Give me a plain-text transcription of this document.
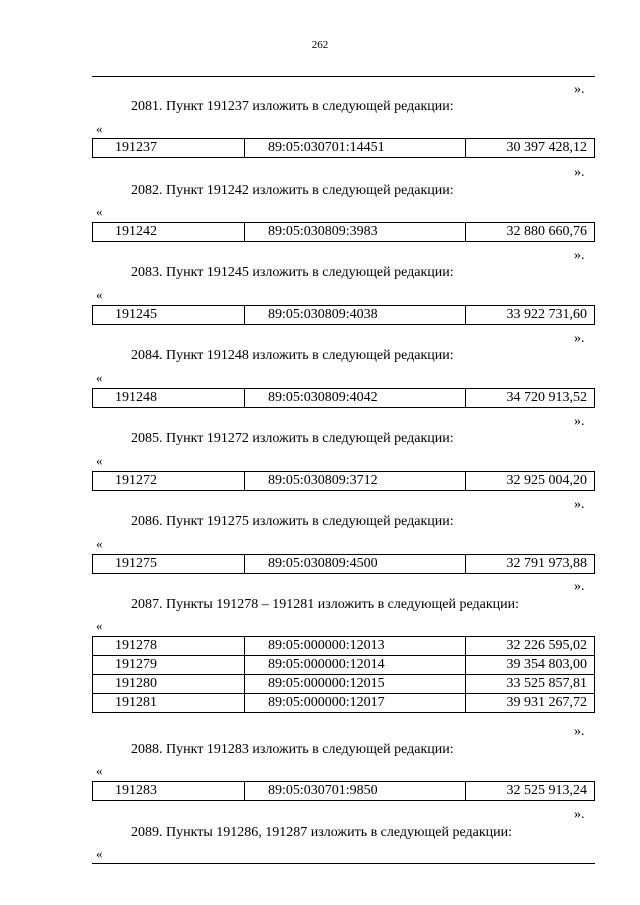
262
».
2081. Пункт 191237 изложить в следующей редакции:
«
191237	89:05:030701:14451	30 397 428,12
».
2082. Пункт 191242 изложить в следующей редакции:
«
191242	89:05:030809:3983	32 880 660,76
».
2083. Пункт 191245 изложить в следующей редакции:
«
191245	89:05:030809:4038	33 922 731,60
».
2084. Пункт 191248 изложить в следующей редакции:
«
191248	89:05:030809:4042	34 720 913,52
».
2085. Пункт 191272 изложить в следующей редакции:
«
191272	89:05:030809:3712	32 925 004,20
».
2086. Пункт 191275 изложить в следующей редакции:
«
191275	89:05:030809:4500	32 791 973,88
».
2087. Пункты 191278 – 191281 изложить в следующей редакции:
«
191278	89:05:000000:12013	32 226 595,02
191279	89:05:000000:12014	39 354 803,00
191280	89:05:000000:12015	33 525 857,81
191281	89:05:000000:12017	39 931 267,72
».
2088. Пункт 191283 изложить в следующей редакции:
«
191283	89:05:030701:9850	32 525 913,24
».
2089. Пункты 191286, 191287 изложить в следующей редакции:
«
